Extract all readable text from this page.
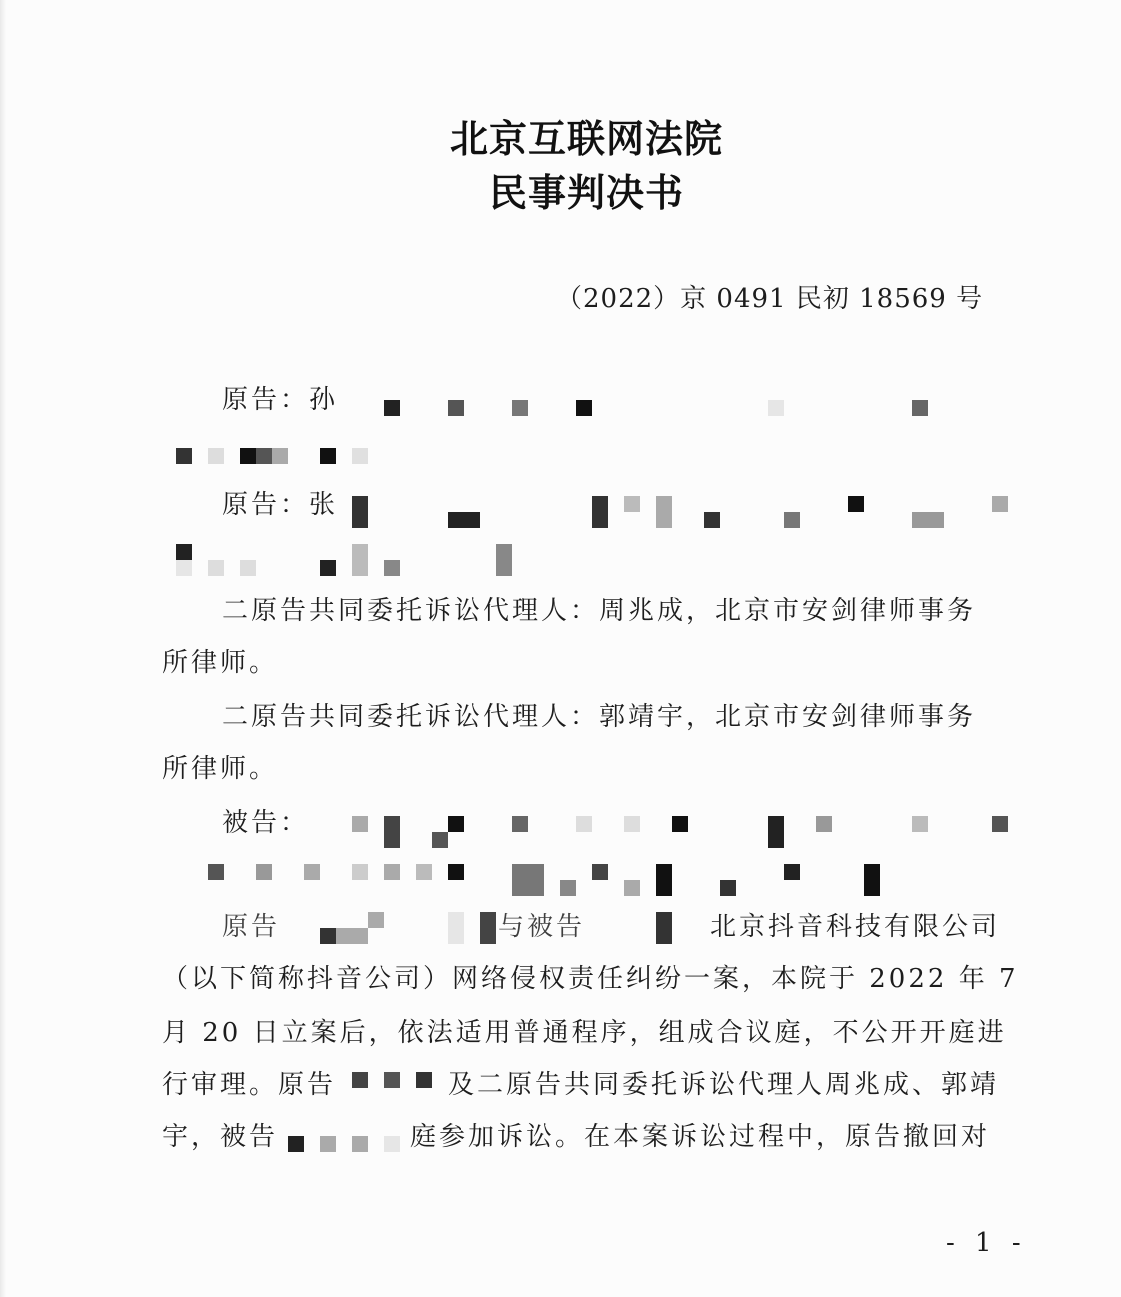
北京互联网法院
民事判决书
（2022）京 0491 民初 18569 号
原告：孙
原告：张
二原告共同委托诉讼代理人：周兆成，北京市安剑律师事务
所律师。
二原告共同委托诉讼代理人：郭靖宇，北京市安剑律师事务
所律师。
被告：
原告	与被告	北京抖音科技有限公司
（以下简称抖音公司）网络侵权责任纠纷一案，本院于 2022 年 7
月 20 日立案后，依法适用普通程序，组成合议庭，不公开开庭进
行审理。原告	及二原告共同委托诉讼代理人周兆成、郭靖
宇，被告	庭参加诉讼。在本案诉讼过程中，原告撤回对
- 1 -
